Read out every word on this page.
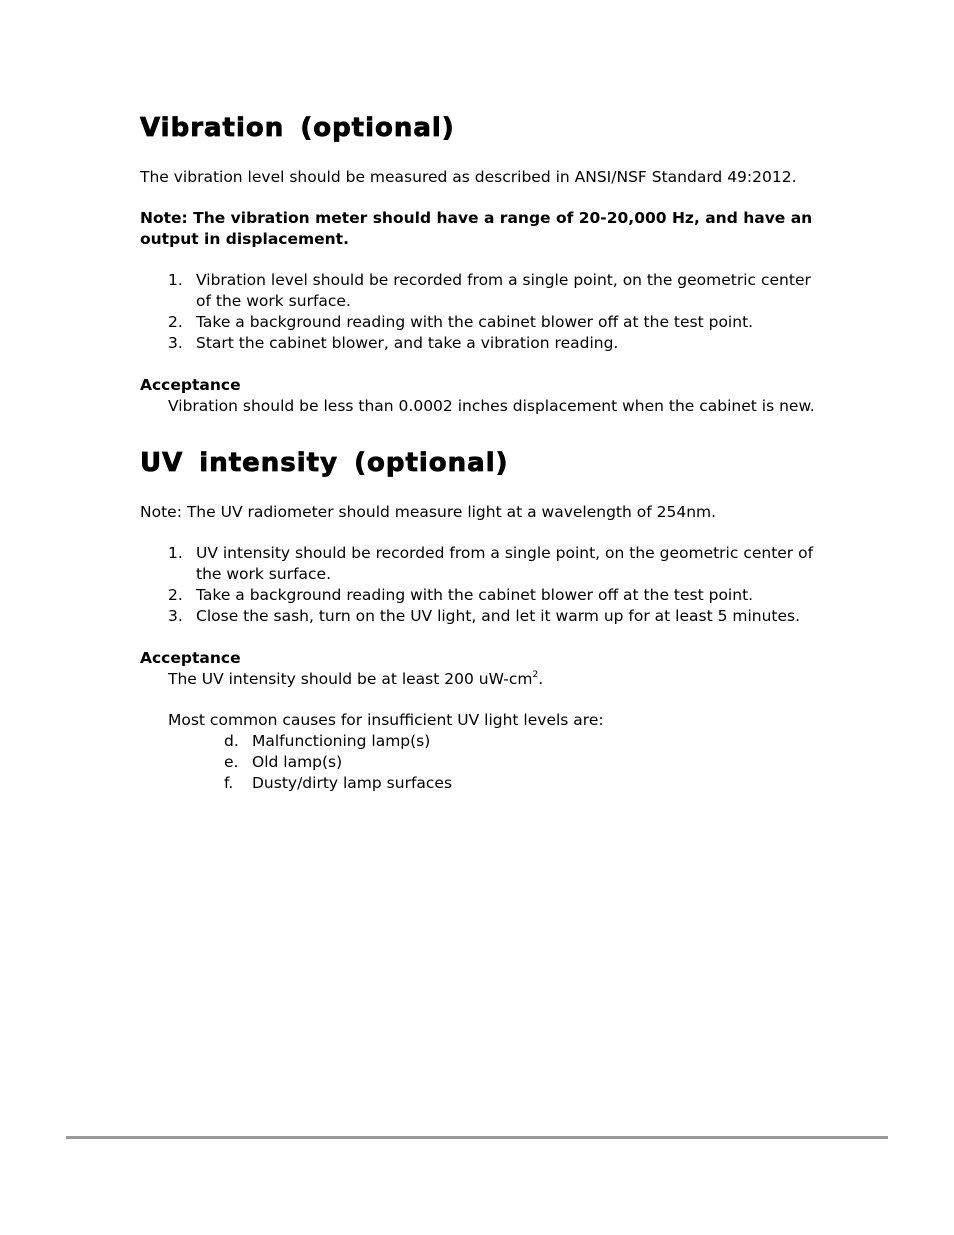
Vibration (optional)

The vibration level should be measured as described in ANSI/NSF Standard 49:2012.

Note: The vibration meter should have a range of 20-20,000 Hz, and have an output in displacement.

1. Vibration level should be recorded from a single point, on the geometric center of the work surface.
2. Take a background reading with the cabinet blower off at the test point.
3. Start the cabinet blower, and take a vibration reading.

Acceptance

Vibration should be less than 0.0002 inches displacement when the cabinet is new.

UV intensity (optional)

Note: The UV radiometer should measure light at a wavelength of 254nm.

1. UV intensity should be recorded from a single point, on the geometric center of the work surface.
2. Take a background reading with the cabinet blower off at the test point.
3. Close the sash, turn on the UV light, and let it warm up for at least 5 minutes.

Acceptance

The UV intensity should be at least 200 $uW-cm^2$.

Most common causes for insufficient UV light levels are:

d. Malfunctioning lamp(s)
e. Old lamp(s)
f. Dusty/dirty lamp surfaces
